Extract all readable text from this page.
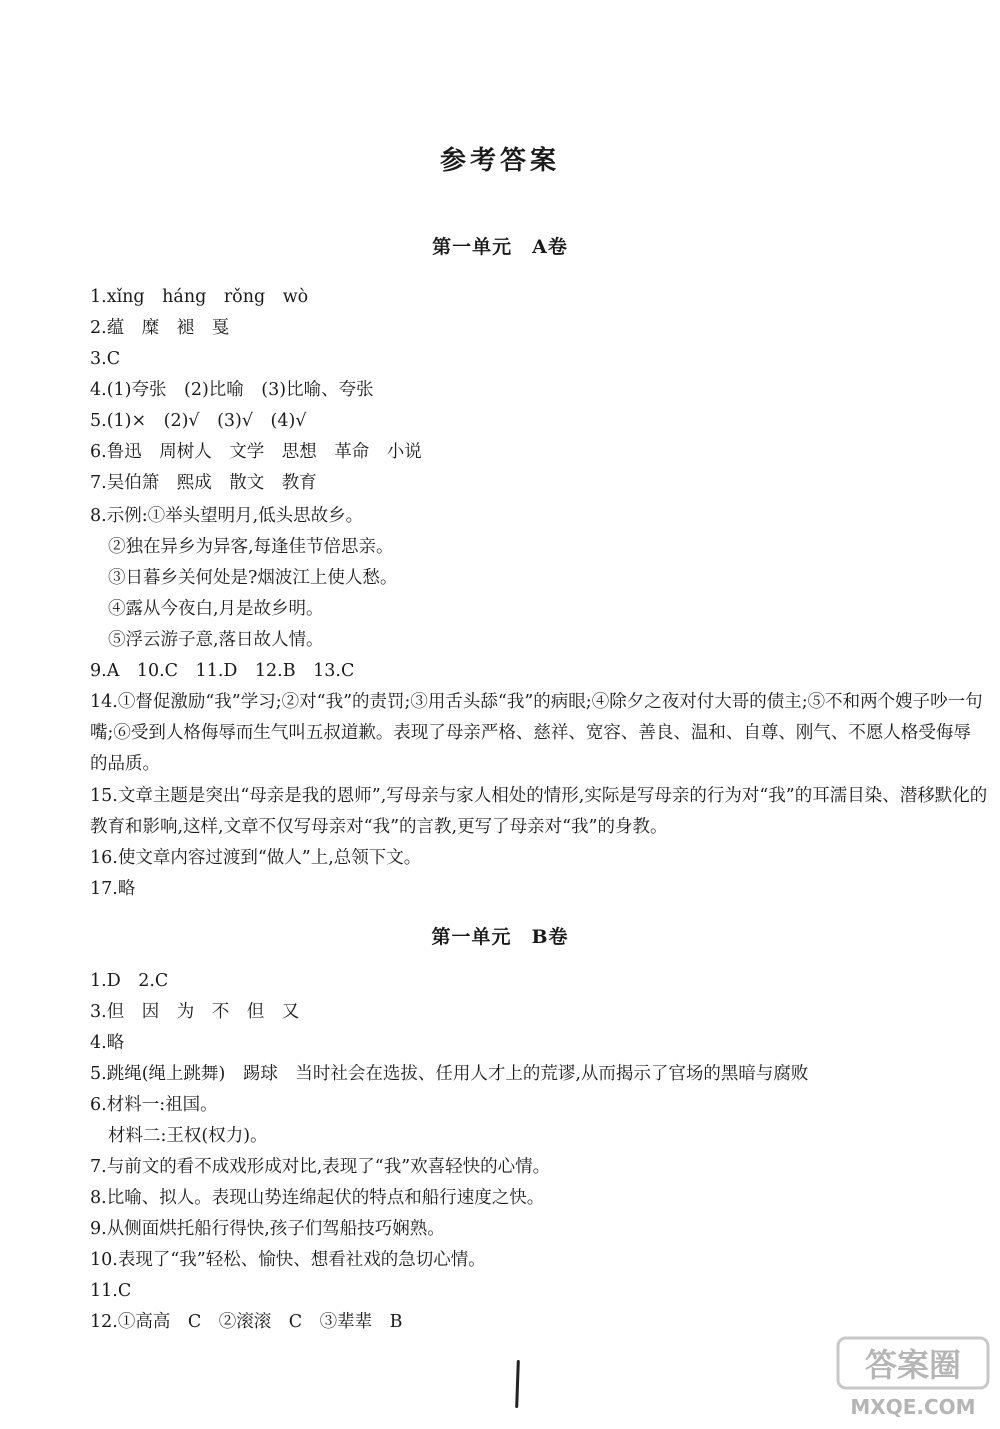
参考答案
第一单元　A卷
1.xǐng　háng　rǒng　wò
2.蕴　糜　褪　戛
3.C
4.(1)夸张　(2)比喻　(3)比喻、夸张
5.(1)×　(2)√　(3)√　(4)√
6.鲁迅　周树人　文学　思想　革命　小说
7.吴伯箫　熙成　散文　教育
8.示例:①举头望明月,低头思故乡。
②独在异乡为异客,每逢佳节倍思亲。
③日暮乡关何处是?烟波江上使人愁。
④露从今夜白,月是故乡明。
⑤浮云游子意,落日故人情。
9.A　10.C　11.D　12.B　13.C
14.①督促激励“我”学习;②对“我”的责罚;③用舌头舔“我”的病眼;④除夕之夜对付大哥的债主;⑤不和两个嫂子吵一句嘴;⑥受到人格侮辱而生气叫五叔道歉。表现了母亲严格、慈祥、宽容、善良、温和、自尊、刚气、不愿人格受侮辱的品质。
15.文章主题是突出“母亲是我的恩师”,写母亲与家人相处的情形,实际是写母亲的行为对“我”的耳濡目染、潜移默化的教育和影响,这样,文章不仅写母亲对“我”的言教,更写了母亲对“我”的身教。
16.使文章内容过渡到“做人”上,总领下文。
17.略
第一单元　B卷
1.D　2.C
3.但　因　为　不　但　又
4.略
5.跳绳(绳上跳舞)　踢球　当时社会在选拔、任用人才上的荒谬,从而揭示了官场的黑暗与腐败
6.材料一:祖国。
材料二:王权(权力)。
7.与前文的看不成戏形成对比,表现了“我”欢喜轻快的心情。
8.比喻、拟人。表现山势连绵起伏的特点和船行速度之快。
9.从侧面烘托船行得快,孩子们驾船技巧娴熟。
10.表现了“我”轻松、愉快、想看社戏的急切心情。
11.C
12.①高高　C　②滚滚　C　③辈辈　B
答案圈
MXQE.COM
